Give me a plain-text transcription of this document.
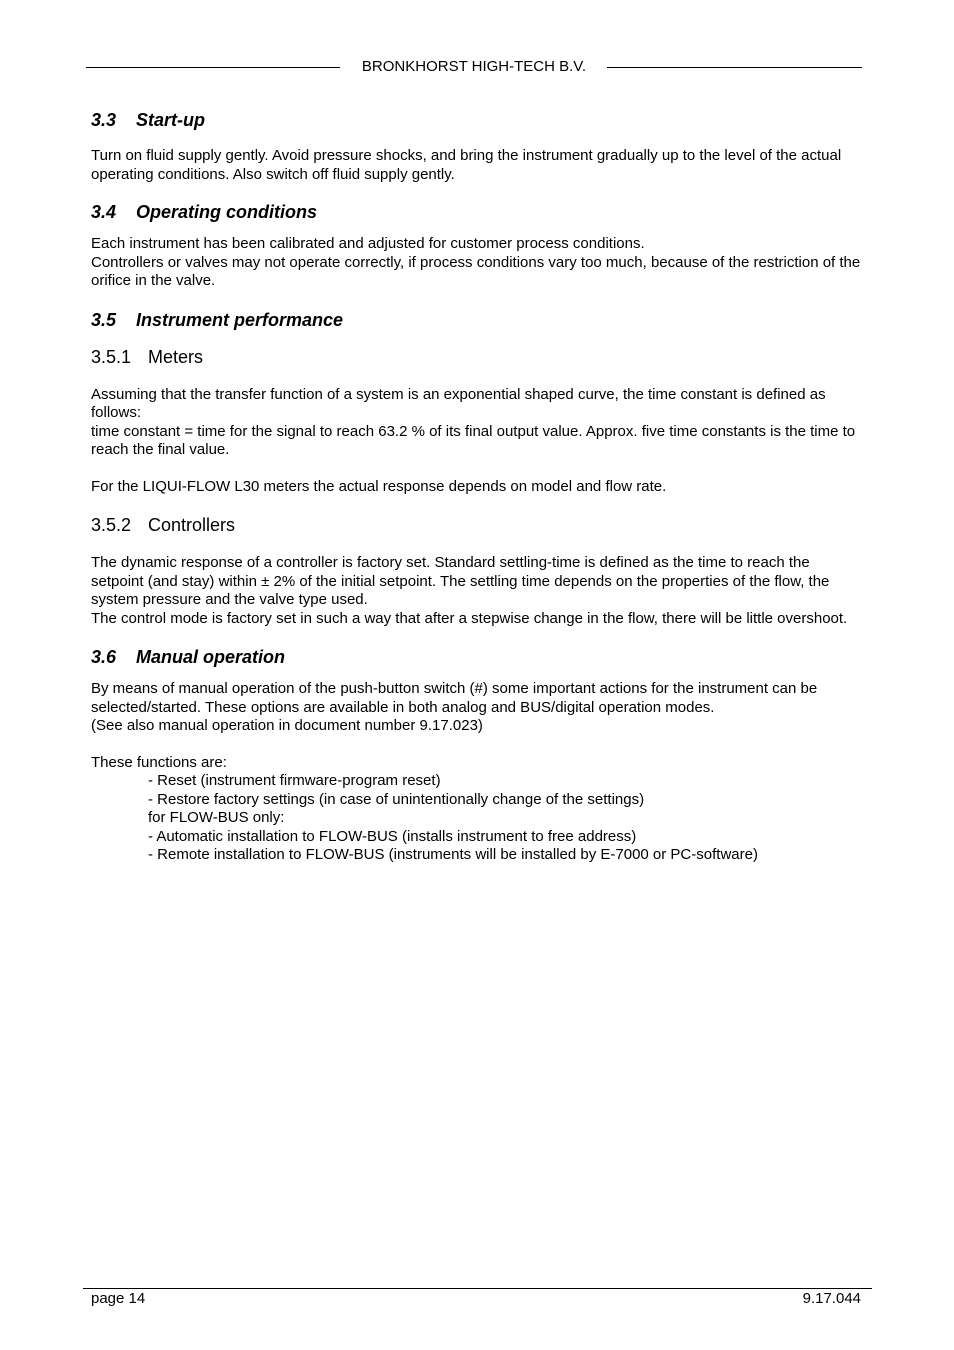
BRONKHORST HIGH-TECH B.V.
3.3 Start-up

Turn on fluid supply gently. Avoid pressure shocks, and bring the instrument gradually up to the level of the actual operating conditions. Also switch off fluid supply gently.

3.4 Operating conditions

Each instrument has been calibrated and adjusted for customer process conditions.

Controllers or valves may not operate correctly, if process conditions vary too much, because of the restriction of the orifice in the valve.

3.5 Instrument performance
3.5.1 Meters

Assuming that the transfer function of a system is an exponential shaped curve, the time constant is defined as follows:

time constant = time for the signal to reach 63.2 % of its final output value. Approx. five time constants is the time to reach the final value.

For the LIQUI-FLOW L30 meters the actual response depends on model and flow rate.

3.5.2 Controllers

The dynamic response of a controller is factory set. Standard settling-time is defined as the time to reach the setpoint (and stay) within ± 2% of the initial setpoint. The settling time depends on the properties of the flow, the system pressure and the valve type used.

The control mode is factory set in such a way that after a stepwise change in the flow, there will be little overshoot.

3.6 Manual operation

By means of manual operation of the push-button switch (#) some important actions for the instrument can be selected/started. These options are available in both analog and BUS/digital operation modes.

(See also manual operation in document number 9.17.023)

These functions are:

- Reset (instrument firmware-program reset)
- Restore factory settings (in case of unintentionally change of the settings)
for FLOW-BUS only:
- Automatic installation to FLOW-BUS (installs instrument to free address)
- Remote installation to FLOW-BUS (instruments will be installed by E-7000 or PC-software)
page 14	9.17.044
